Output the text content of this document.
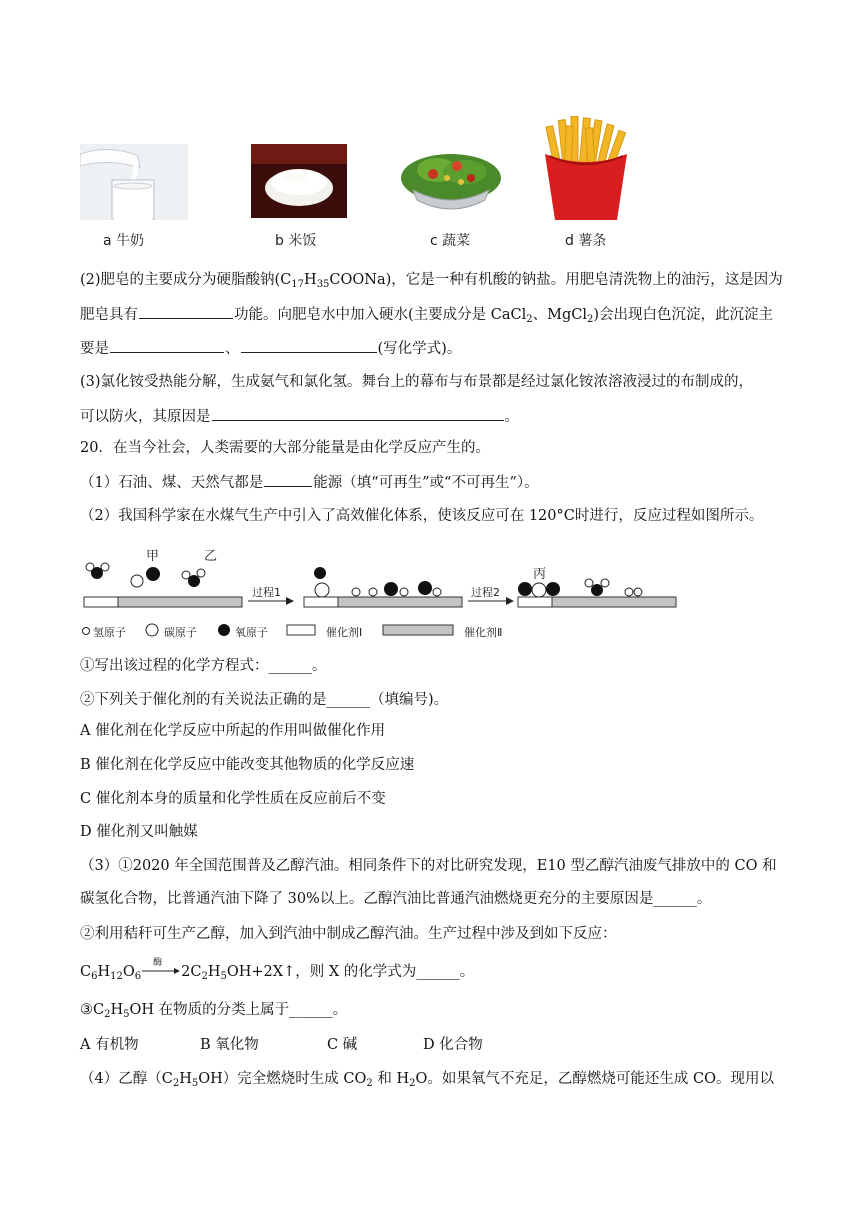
a 牛奶	b 米饭	c 蔬菜	d 薯条
(2)肥皂的主要成分为硬脂酸钠$(C_{17}H_{35}COONa)$，它是一种有机酸的钠盐。用肥皂清洗物上的油污，这是因为
肥皂具有	功能。向肥皂水中加入硬水(主要成分是 CaCl$_2$、MgCl$_2$)会出现白色沉淀，此沉淀主
要是	、	(写化学式)。
(3)氯化铵受热能分解，生成氨气和氯化氢。舞台上的幕布与布景都是经过氯化铵浓溶液浸过的布制成的，
可以防火，其原因是	。
20．在当今社会，人类需要的大部分能量是由化学反应产生的。
（1）石油、煤、天然气都是	能源（填“可再生”或“不可再生”）。
（2）我国科学家在水煤气生产中引入了高效催化体系，使该反应可在 120°C时进行，反应过程如图所示。
甲	乙
丙
过程1	过程2
氢原子	碳原子	氧原子	催化剂Ⅰ	催化剂Ⅱ
①写出该过程的化学方程式：______。
②下列关于催化剂的有关说法正确的是______（填编号)。
A 催化剂在化学反应中所起的作用叫做催化作用
B 催化剂在化学反应中能改变其他物质的化学反应速
C 催化剂本身的质量和化学性质在反应前后不变
D 催化剂又叫触媒
（3）①2020 年全国范围普及乙醇汽油。相同条件下的对比研究发现，E10 型乙醇汽油废气排放中的 CO 和
碳氢化合物，比普通汽油下降了 30%以上。乙醇汽油比普通汽油燃烧更充分的主要原因是______。
②利用秸秆可生产乙醇，加入到汽油中制成乙醇汽油。生产过程中涉及到如下反应：
$C_6H_{12}O_6$
酶
$2C_2H_5OH+2X↑$，则 X 的化学式为______。
$③C_2H_5OH$ 在物质的分类上属于______。
A 有机物	B 氧化物	C 碱	D 化合物
（4）乙醇$(C_2H_5OH)$完全燃烧时生成 $CO_2$ 和 $H_2O$。如果氧气不充足，乙醇燃烧可能还生成 CO。现用以
